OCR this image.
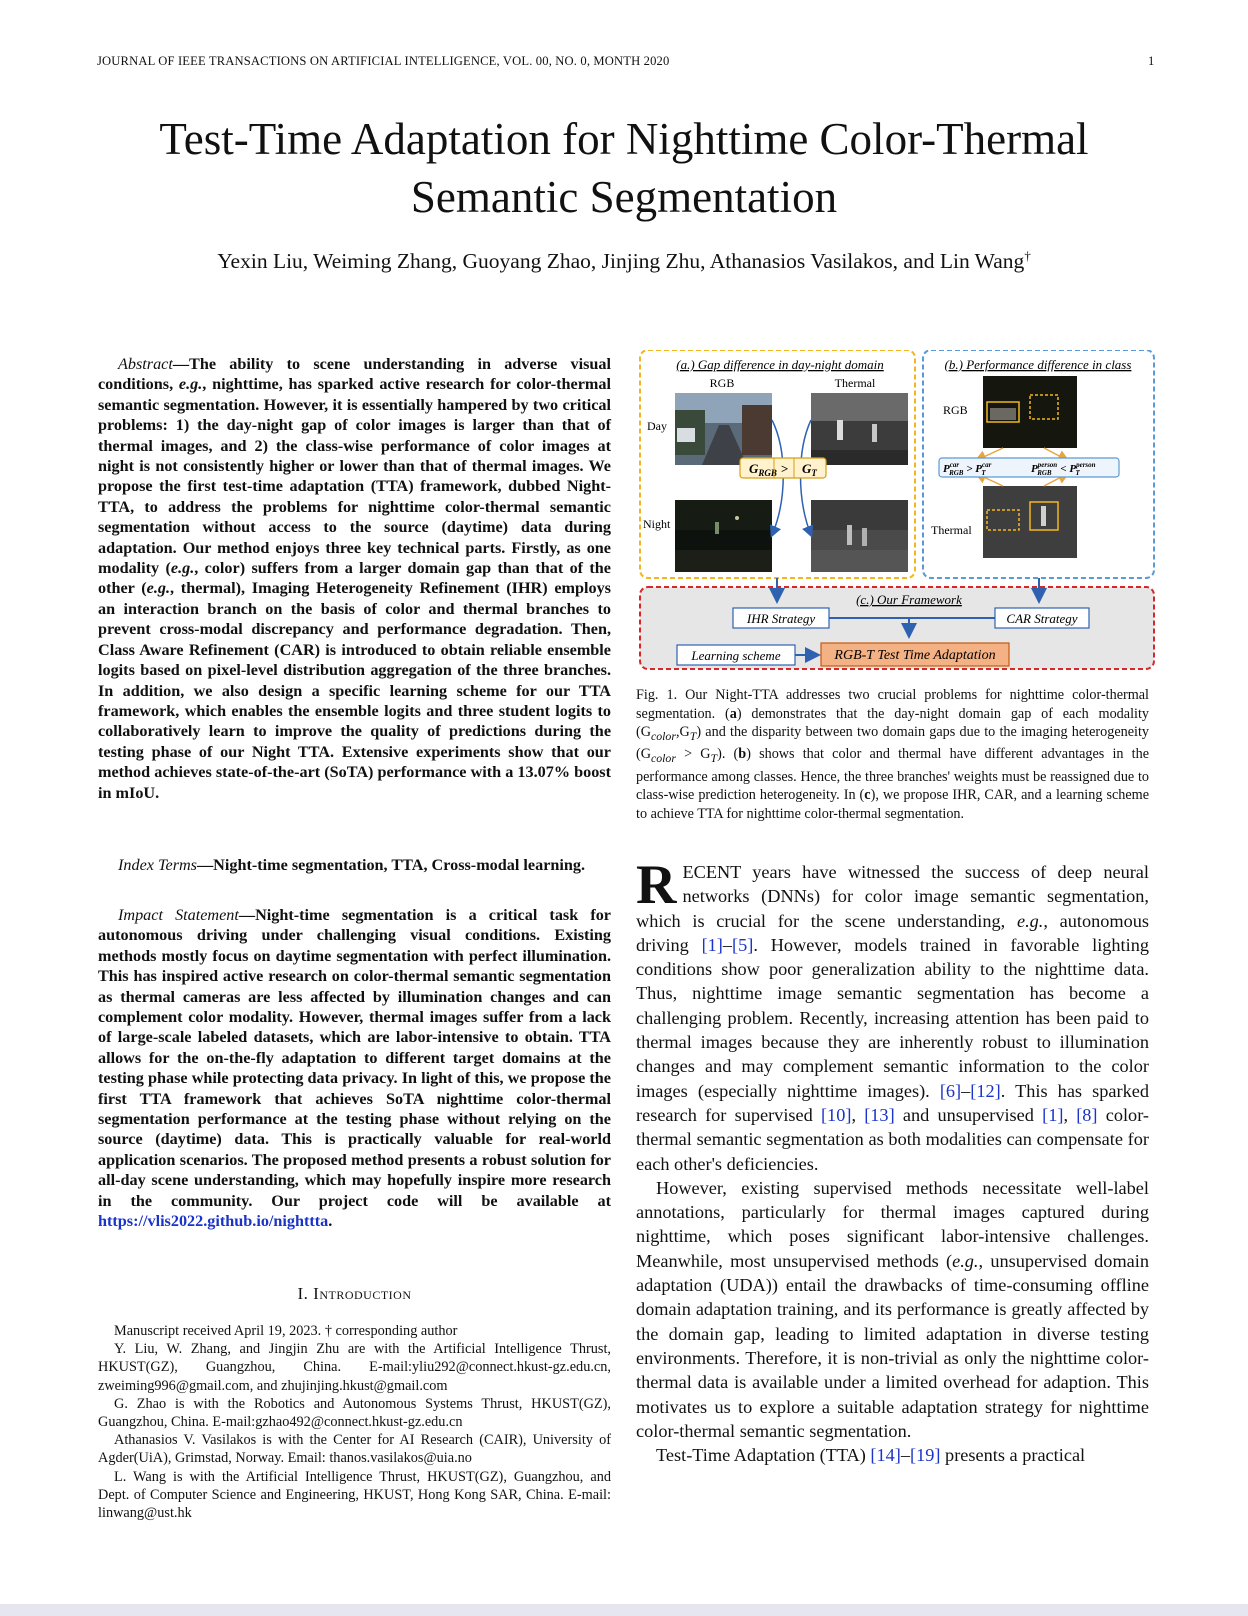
JOURNAL OF IEEE TRANSACTIONS ON ARTIFICIAL INTELLIGENCE, VOL. 00, NO. 0, MONTH 2020	1
Test-Time Adaptation for Nighttime Color-Thermal
Semantic Segmentation
Yexin Liu, Weiming Zhang, Guoyang Zhao, Jinjing Zhu, Athanasios Vasilakos, and Lin Wang†
Abstract—The ability to scene understanding in adverse visual conditions, e.g., nighttime, has sparked active research for color-thermal semantic segmentation. However, it is essentially hampered by two critical problems: 1) the day-night gap of color images is larger than that of thermal images, and 2) the class-wise performance of color images at night is not consistently higher or lower than that of thermal images. We propose the first test-time adaptation (TTA) framework, dubbed Night-TTA, to address the problems for nighttime color-thermal semantic segmentation without access to the source (daytime) data during adaptation. Our method enjoys three key technical parts. Firstly, as one modality (e.g., color) suffers from a larger domain gap than that of the other (e.g., thermal), Imaging Heterogeneity Refinement (IHR) employs an interaction branch on the basis of color and thermal branches to prevent cross-modal discrepancy and performance degradation. Then, Class Aware Refinement (CAR) is introduced to obtain reliable ensemble logits based on pixel-level distribution aggregation of the three branches. In addition, we also design a specific learning scheme for our TTA framework, which enables the ensemble logits and three student logits to collaboratively learn to improve the quality of predictions during the testing phase of our Night TTA. Extensive experiments show that our method achieves state-of-the-art (SoTA) performance with a 13.07% boost in mIoU.
Index Terms—Night-time segmentation, TTA, Cross-modal learning.
Impact Statement—Night-time segmentation is a critical task for autonomous driving under challenging visual conditions. Existing methods mostly focus on daytime segmentation with perfect illumination. This has inspired active research on color-thermal semantic segmentation as thermal cameras are less affected by illumination changes and can complement color modality. However, thermal images suffer from a lack of large-scale labeled datasets, which are labor-intensive to obtain. TTA allows for the on-the-fly adaptation to different target domains at the testing phase while protecting data privacy. In light of this, we propose the first TTA framework that achieves SoTA nighttime color-thermal segmentation performance at the testing phase without relying on the source (daytime) data. This is practically valuable for real-world application scenarios. The proposed method presents a robust solution for all-day scene understanding, which may hopefully inspire more research in the community. Our project code will be available at https://vlis2022.github.io/nighttta.
I. Introduction

Manuscript received April 19, 2023. † corresponding author

Y. Liu, W. Zhang, and Jingjin Zhu are with the Artificial Intelligence Thrust, HKUST(GZ), Guangzhou, China. E-mail:yliu292@connect.hkust-gz.edu.cn, zweiming996@gmail.com, and zhujinjing.hkust@gmail.com

G. Zhao is with the Robotics and Autonomous Systems Thrust, HKUST(GZ), Guangzhou, China. E-mail:gzhao492@connect.hkust-gz.edu.cn

Athanasios V. Vasilakos is with the Center for AI Research (CAIR), University of Agder(UiA), Grimstad, Norway. Email: thanos.vasilakos@uia.no

L. Wang is with the Artificial Intelligence Thrust, HKUST(GZ), Guangzhou, and Dept. of Computer Science and Engineering, HKUST, Hong Kong SAR, China. E-mail: linwang@ust.hk

(a.) Gap difference in day-night domain
RGB	Thermal
Day
Night
$G_{RGB} > G_T$
(b.) Performance difference in class
RGB
Thermal
$P^{car}$ RGB > $P^{car}$ T	$P^{person}$ RGB < $P^{person}$ T
(c.) Our Framework
IHR Strategy	CAR Strategy
Learning scheme	RGB-T Test Time Adaptation
Fig. 1. Our Night-TTA addresses two crucial problems for nighttime color-thermal segmentation. (a) demonstrates that the day-night domain gap of each modality $(G_{color},G_T)$ and the disparity between two domain gaps due to the imaging heterogeneity $(G_{color} > G_T)$. (b) shows that color and thermal have different advantages in the performance among classes. Hence, the three branches' weights must be reassigned due to class-wise prediction heterogeneity. In (c), we propose IHR, CAR, and a learning scheme to achieve TTA for nighttime color-thermal segmentation.

RECENT years have witnessed the success of deep neural networks (DNNs) for color image semantic segmentation, which is crucial for the scene understanding, e.g., autonomous driving [1]–[5]. However, models trained in favorable lighting conditions show poor generalization ability to the nighttime data. Thus, nighttime image semantic segmentation has become a challenging problem. Recently, increasing attention has been paid to thermal images because they are inherently robust to illumination changes and may complement semantic information to the color images (especially nighttime images). [6]–[12]. This has sparked research for supervised [10], [13] and unsupervised [1], [8] color-thermal semantic segmentation as both modalities can compensate for each other's deficiencies.

However, existing supervised methods necessitate well-label annotations, particularly for thermal images captured during nighttime, which poses significant labor-intensive challenges. Meanwhile, most unsupervised methods (e.g., unsupervised domain adaptation (UDA)) entail the drawbacks of time-consuming offline domain adaptation training, and its performance is greatly affected by the domain gap, leading to limited adaptation in diverse testing environments. Therefore, it is non-trivial as only the nighttime color-thermal data is available under a limited overhead for adaption. This motivates us to explore a suitable adaptation strategy for nighttime color-thermal semantic segmentation.

Test-Time Adaptation (TTA) [14]–[19] presents a practical
